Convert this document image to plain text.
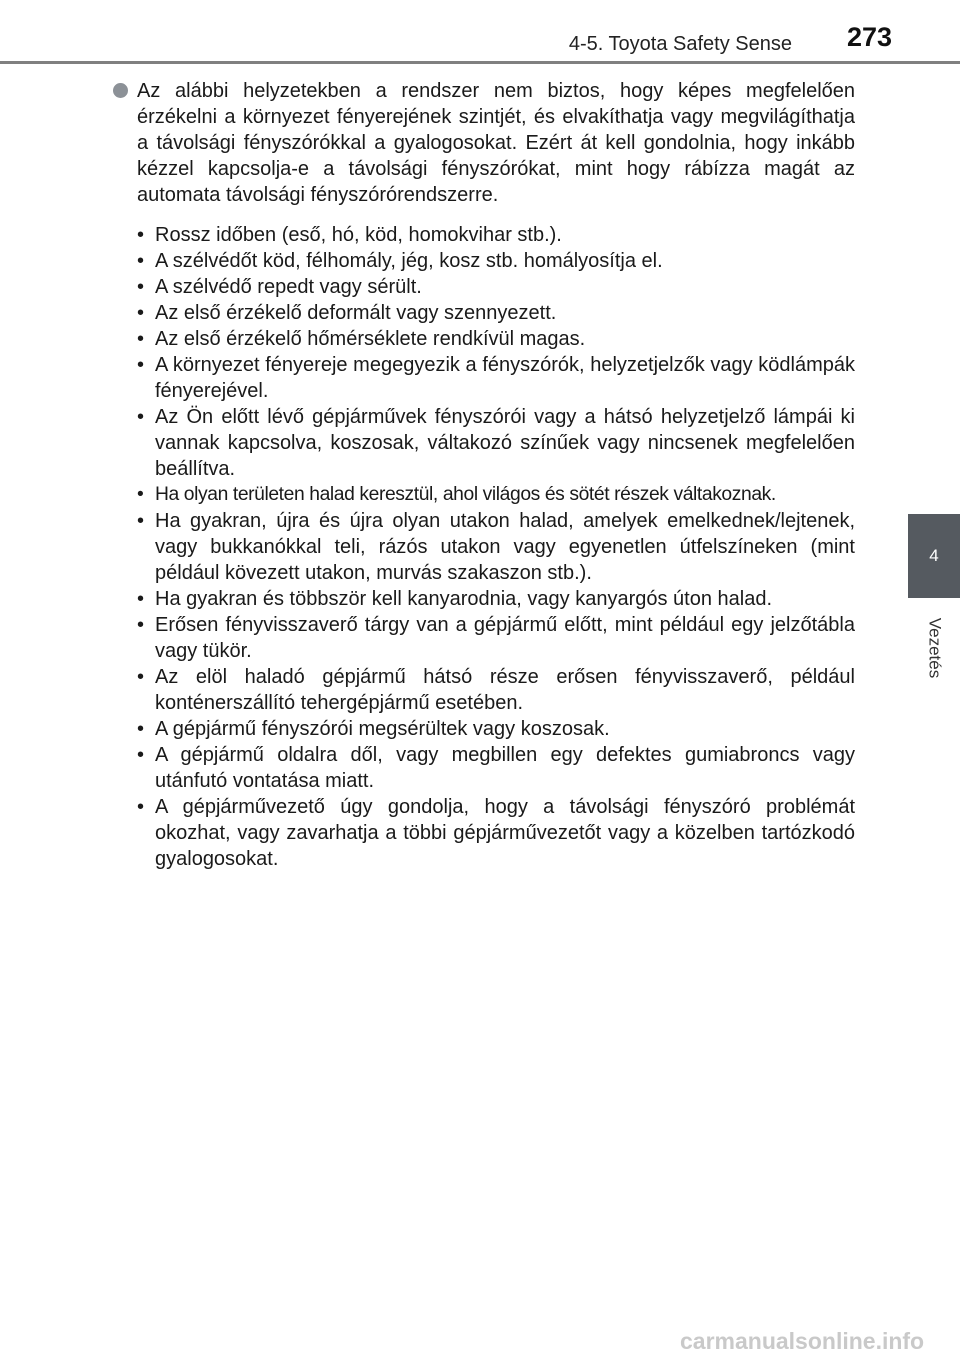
4-5. Toyota Safety Sense 273
4
Vezetés
Az alábbi helyzetekben a rendszer nem biztos, hogy képes megfelelően érzékelni a környezet fényerejének szintjét, és elvakíthatja vagy megvilágíthatja a távolsági fényszórókkal a gyalogosokat. Ezért át kell gondolnia, hogy inkább kézzel kapcsolja-e a távolsági fényszórókat, mint hogy rábízza magát az automata távolsági fényszórórendszerre.
• Rossz időben (eső, hó, köd, homokvihar stb.).
• A szélvédőt köd, félhomály, jég, kosz stb. homályosítja el.
• A szélvédő repedt vagy sérült.
• Az első érzékelő deformált vagy szennyezett.
• Az első érzékelő hőmérséklete rendkívül magas.
• A környezet fényereje megegyezik a fényszórók, helyzetjelzők vagy ködlámpák fényerejével.
• Az Ön előtt lévő gépjárművek fényszórói vagy a hátsó helyzetjelző lámpái ki vannak kapcsolva, koszosak, váltakozó színűek vagy nincsenek megfelelően beállítva.
• Ha olyan területen halad keresztül, ahol világos és sötét részek váltakoznak.
• Ha gyakran, újra és újra olyan utakon halad, amelyek emelkednek/lejtenek, vagy bukkanókkal teli, rázós utakon vagy egyenetlen útfelszíneken (mint például kövezett utakon, murvás szakaszon stb.).
• Ha gyakran és többször kell kanyarodnia, vagy kanyargós úton halad.
• Erősen fényvisszaverő tárgy van a gépjármű előtt, mint például egy jelzőtábla vagy tükör.
• Az elöl haladó gépjármű hátsó része erősen fényvisszaverő, például konténerszállító tehergépjármű esetében.
• A gépjármű fényszórói megsérültek vagy koszosak.
• A gépjármű oldalra dől, vagy megbillen egy defektes gumiabroncs vagy utánfutó vontatása miatt.
• A gépjárművezető úgy gondolja, hogy a távolsági fényszóró problémát okozhat, vagy zavarhatja a többi gépjárművezetőt vagy a közelben tartózkodó gyalogosokat.
carmanualsonline.info
